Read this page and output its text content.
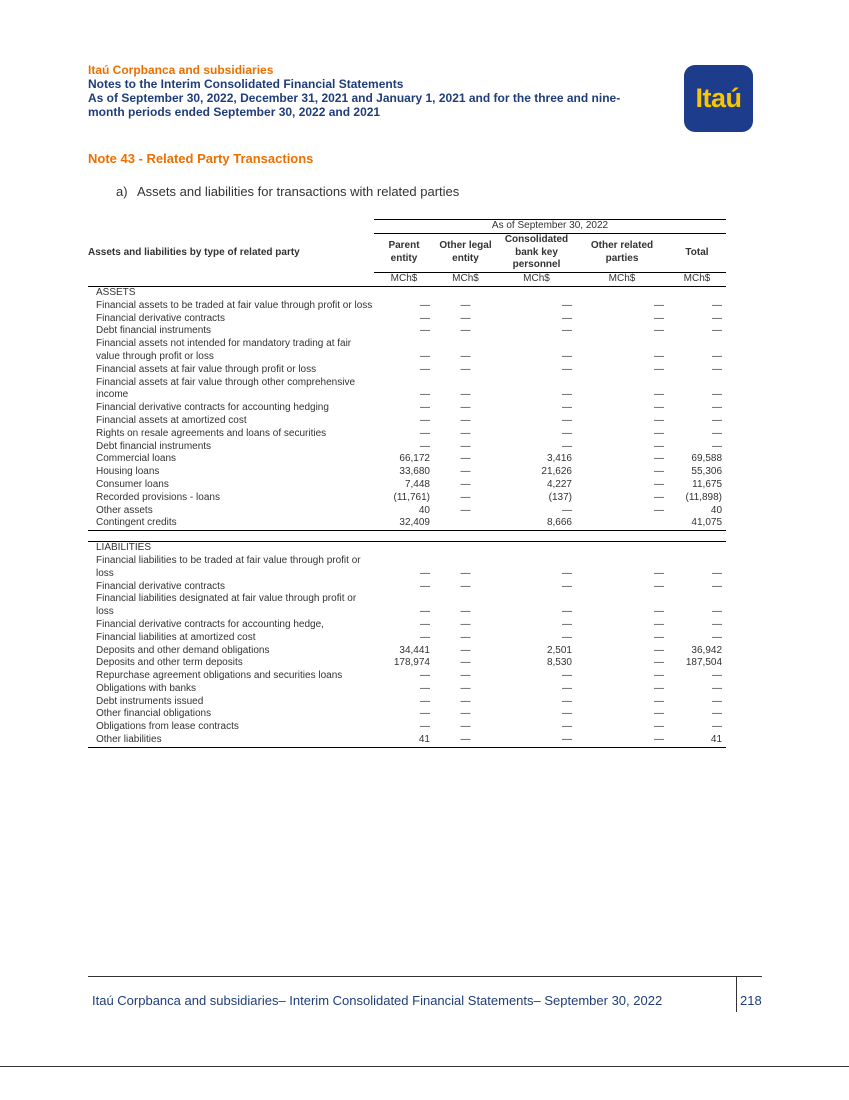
Itaú Corpbanca and subsidiaries
Notes to the Interim Consolidated Financial Statements
As of September 30, 2022, December 31, 2021 and January 1, 2021 and for the three and nine-
month periods ended September 30, 2022 and 2021	Itaú
Note 43 - Related Party Transactions
a) Assets and liabilities for transactions with related parties
	As of September 30, 2022				
Assets and liabilities by type of related party	Parent entity	Other legal entity	Consolidated bank key personnel	Other related parties	Total
	MCh$	MCh$	MCh$	MCh$	MCh$
ASSETS					
Financial assets to be traded at fair value through profit or loss	—	—	—	—	—
Financial derivative contracts	—	—	—	—	—
Debt financial instruments	—	—	—	—	—
Financial assets not intended for mandatory trading at fair value through profit or loss	—	—	—	—	—
Financial assets at fair value through profit or loss	—	—	—	—	—
Financial assets at fair value through other comprehensive income	—	—	—	—	—
Financial derivative contracts for accounting hedging	—	—	—	—	—
Financial assets at amortized cost	—	—	—	—	—
Rights on resale agreements and loans of securities	—	—	—	—	—
Debt financial instruments	—	—	—	—	—
Commercial loans	66,172	—	3,416	—	69,588
Housing loans	33,680	—	21,626	—	55,306
Consumer loans	7,448	—	4,227	—	11,675
Recorded provisions - loans	(11,761)	—	(137)	—	(11,898)
Other assets	40	—	—	—	40
Contingent credits	32,409		8,666		41,075

LIABILITIES					
Financial liabilities to be traded at fair value through profit or loss	—	—	—	—	—
Financial derivative contracts	—	—	—	—	—
Financial liabilities designated at fair value through profit or loss	—	—	—	—	—
Financial derivative contracts for accounting hedge,	—	—	—	—	—
Financial liabilities at amortized cost	—	—	—	—	—
Deposits and other demand obligations	34,441	—	2,501	—	36,942
Deposits and other term deposits	178,974	—	8,530	—	187,504
Repurchase agreement obligations and securities loans	—	—	—	—	—
Obligations with banks	—	—	—	—	—
Debt instruments issued	—	—	—	—	—
Other financial obligations	—	—	—	—	—
Obligations from lease contracts	—	—	—	—	—
Other liabilities	41	—	—	—	41
Itaú Corpbanca and subsidiaries– Interim Consolidated Financial Statements– September 30, 2022	218
